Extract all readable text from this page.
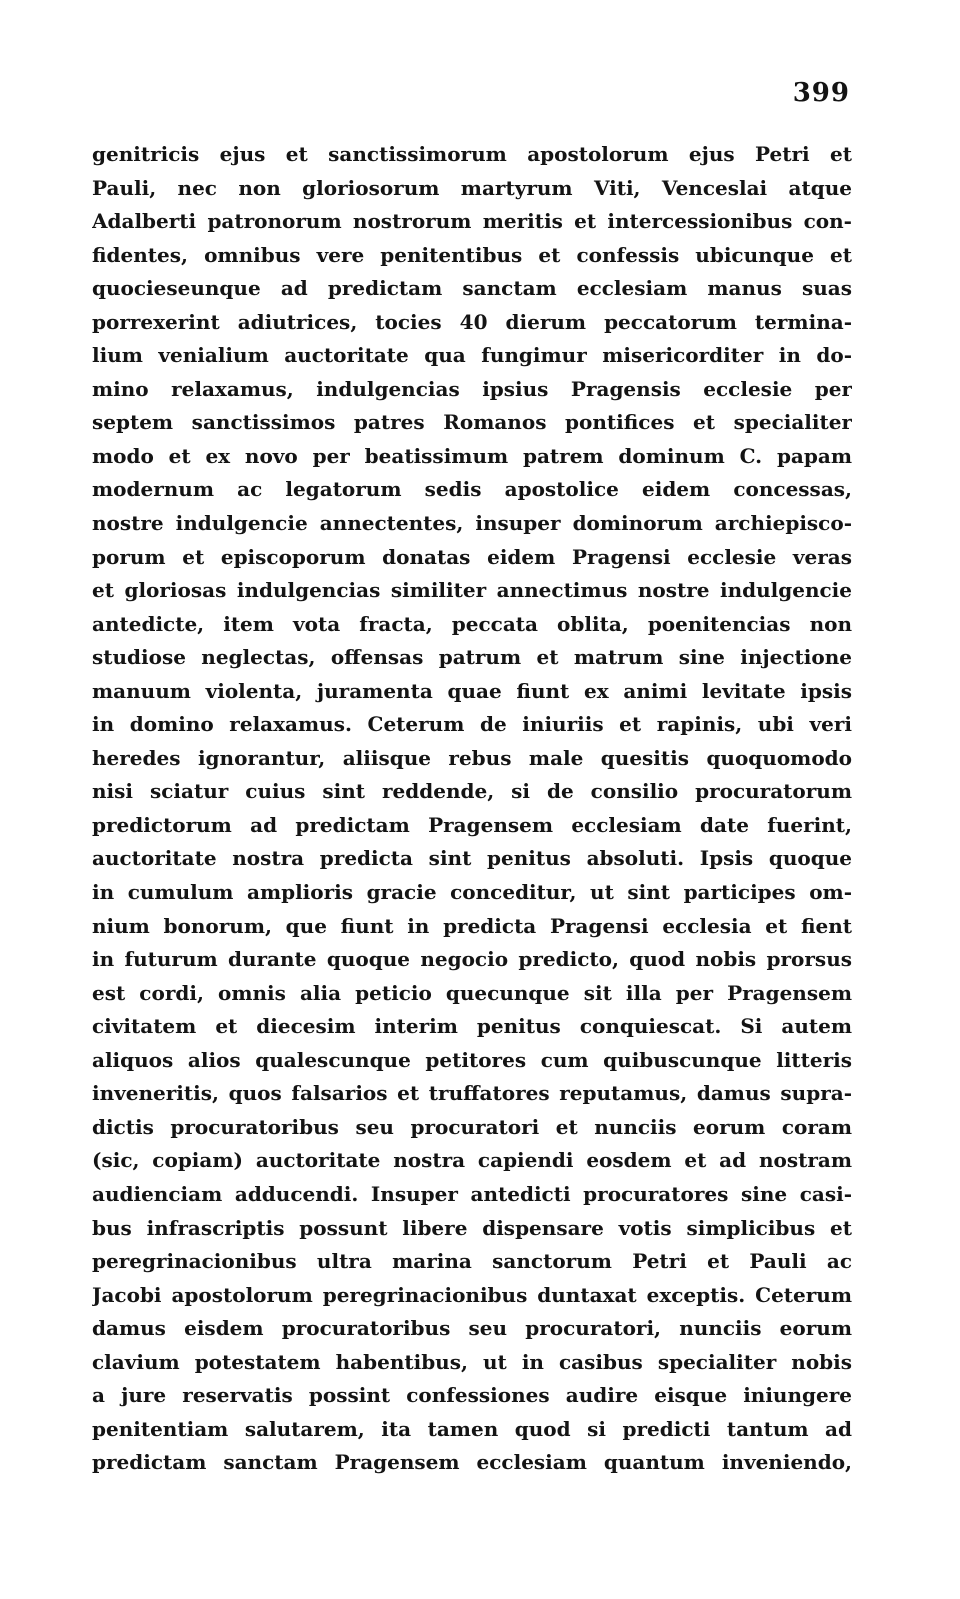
399
genitricis ejus et sanctissimorum apostolorum ejus Petri et
Pauli, nec non gloriosorum martyrum Viti, Venceslai atque
Adalberti patronorum nostrorum meritis et intercessionibus con-
fidentes, omnibus vere penitentibus et confessis ubicunque et
quocieseunque ad predictam sanctam ecclesiam manus suas
porrexerint adiutrices, tocies 40 dierum peccatorum termina-
lium venialium auctoritate qua fungimur misericorditer in do-
mino relaxamus, indulgencias ipsius Pragensis ecclesie per
septem sanctissimos patres Romanos pontifices et specialiter
modo et ex novo per beatissimum patrem dominum C. papam
modernum ac legatorum sedis apostolice eidem concessas,
nostre indulgencie annectentes, insuper dominorum archiepisco-
porum et episcoporum donatas eidem Pragensi ecclesie veras
et gloriosas indulgencias similiter annectimus nostre indulgencie
antedicte, item vota fracta, peccata oblita, poenitencias non
studiose neglectas, offensas patrum et matrum sine injectione
manuum violenta, juramenta quae fiunt ex animi levitate ipsis
in domino relaxamus. Ceterum de iniuriis et rapinis, ubi veri
heredes ignorantur, aliisque rebus male quesitis quoquomodo
nisi sciatur cuius sint reddende, si de consilio procuratorum
predictorum ad predictam Pragensem ecclesiam date fuerint,
auctoritate nostra predicta sint penitus absoluti. Ipsis quoque
in cumulum amplioris gracie conceditur, ut sint participes om-
nium bonorum, que fiunt in predicta Pragensi ecclesia et fient
in futurum durante quoque negocio predicto, quod nobis prorsus
est cordi, omnis alia peticio quecunque sit illa per Pragensem
civitatem et diecesim interim penitus conquiescat. Si autem
aliquos alios qualescunque petitores cum quibuscunque litteris
inveneritis, quos falsarios et truffatores reputamus, damus supra-
dictis procuratoribus seu procuratori et nunciis eorum coram
(sic, copiam) auctoritate nostra capiendi eosdem et ad nostram
audienciam adducendi. Insuper antedicti procuratores sine casi-
bus infrascriptis possunt libere dispensare votis simplicibus et
peregrinacionibus ultra marina sanctorum Petri et Pauli ac
Jacobi apostolorum peregrinacionibus duntaxat exceptis. Ceterum
damus eisdem procuratoribus seu procuratori, nunciis eorum
clavium potestatem habentibus, ut in casibus specialiter nobis
a jure reservatis possint confessiones audire eisque iniungere
penitentiam salutarem, ita tamen quod si predicti tantum ad
predictam sanctam Pragensem ecclesiam quantum inveniendo,
